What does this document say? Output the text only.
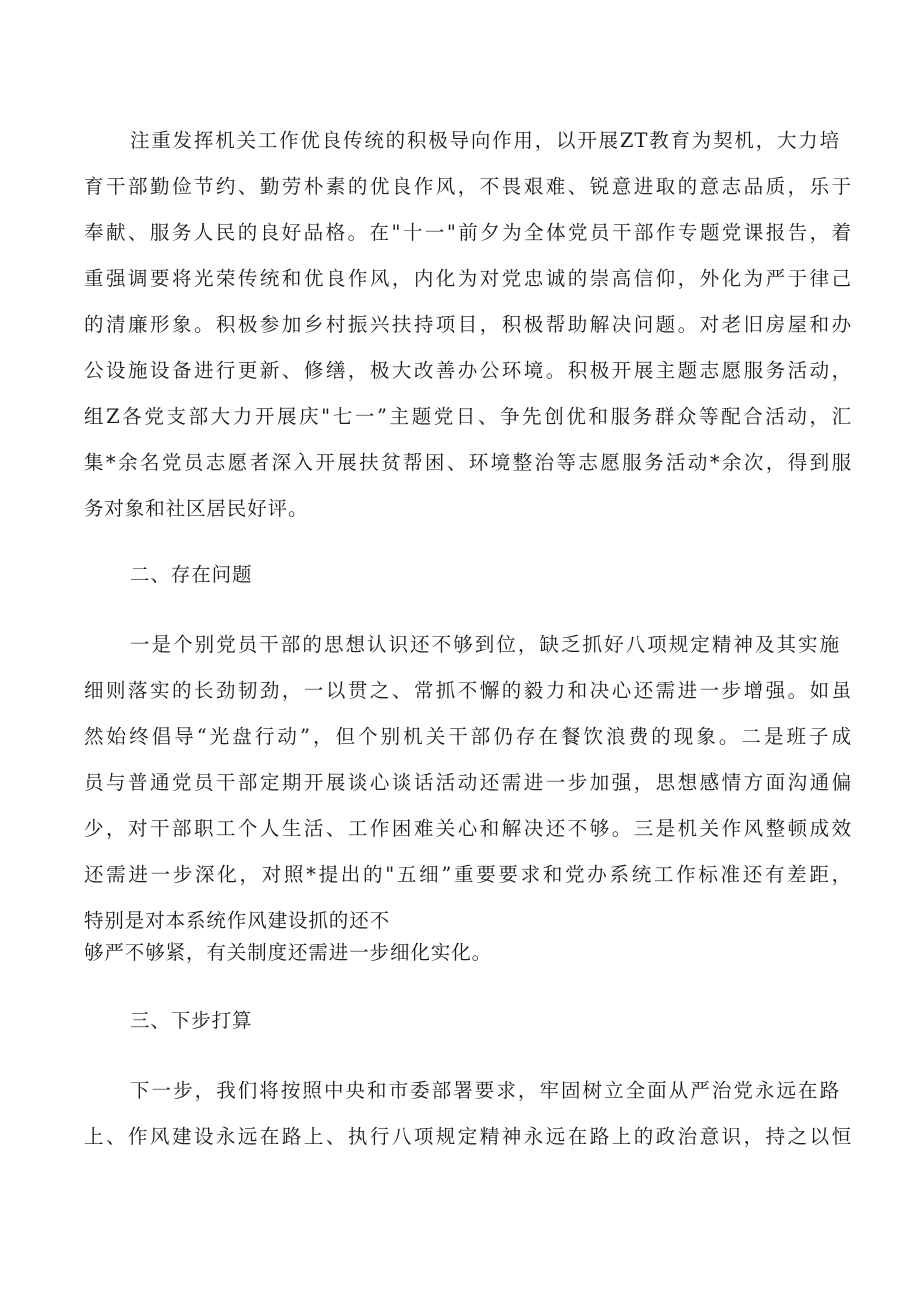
注重发挥机关工作优良传统的积极导向作用，以开展ZT教育为契机，大力培
育干部勤俭节约、勤劳朴素的优良作风，不畏艰难、锐意进取的意志品质，乐于
奉献、服务人民的良好品格。在"十一"前夕为全体党员干部作专题党课报告，着
重强调要将光荣传统和优良作风，内化为对党忠诚的崇高信仰，外化为严于律己
的清廉形象。积极参加乡村振兴扶持项目，积极帮助解决问题。对老旧房屋和办
公设施设备进行更新、修缮，极大改善办公环境。积极开展主题志愿服务活动，
组Z各党支部大力开展庆"七一”主题党日、争先创优和服务群众等配合活动，汇
集*余名党员志愿者深入开展扶贫帮困、环境整治等志愿服务活动*余次，得到服
务对象和社区居民好评。
二、存在问题
一是个别党员干部的思想认识还不够到位，缺乏抓好八项规定精神及其实施
细则落实的长劲韧劲，一以贯之、常抓不懈的毅力和决心还需进一步增强。如虽
然始终倡导“光盘行动”，但个别机关干部仍存在餐饮浪费的现象。二是班子成
员与普通党员干部定期开展谈心谈话活动还需进一步加强，思想感情方面沟通偏
少，对干部职工个人生活、工作困难关心和解决还不够。三是机关作风整顿成效
还需进一步深化，对照*提出的"五细”重要要求和党办系统工作标准还有差距，
特别是对本系统作风建设抓的还不
够严不够紧，有关制度还需进一步细化实化。
三、下步打算
下一步，我们将按照中央和市委部署要求，牢固树立全面从严治党永远在路
上、作风建设永远在路上、执行八项规定精神永远在路上的政治意识，持之以恒
